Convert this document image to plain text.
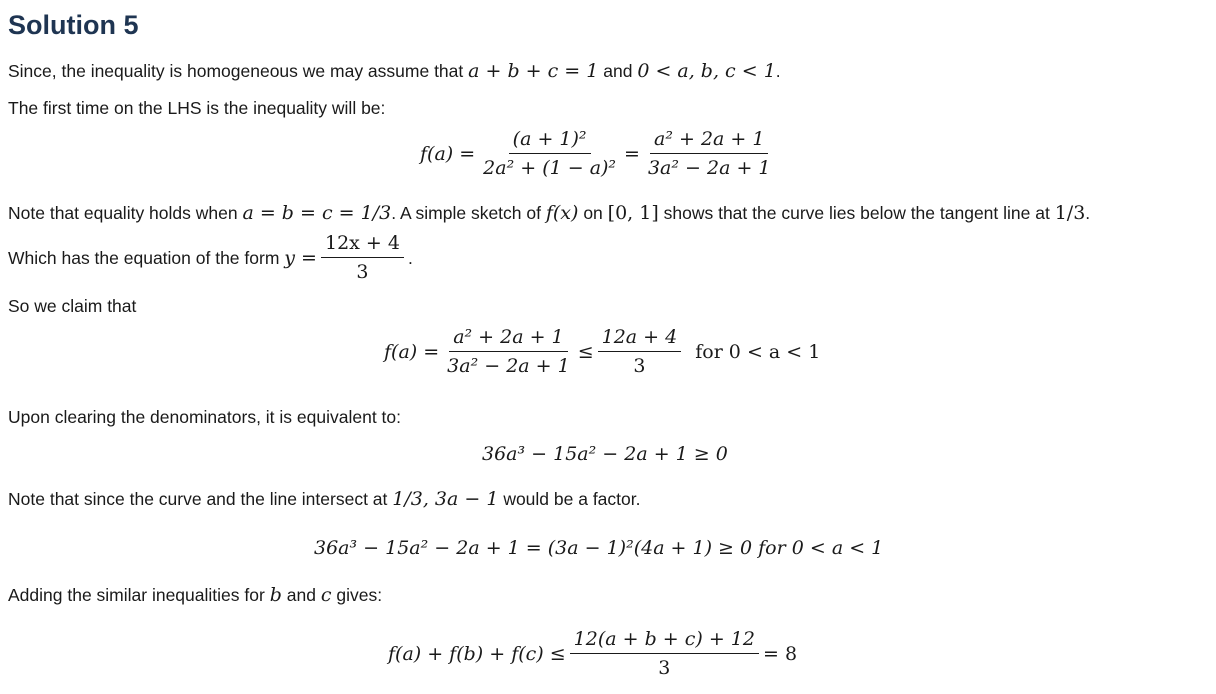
Solution 5
Since, the inequality is homogeneous we may assume that a + b + c = 1 and 0 < a, b, c < 1.
The first time on the LHS is the inequality will be:
$f(a) = \frac{\text{(a + 1)²}}{\text{2a² + (1 − a)²}} = \frac{\text{a² + 2a + 1}}{\text{3a² − 2a + 1}}$
Note that equality holds when a = b = c = 1/3. A simple sketch of f(x) on [0, 1] shows that the curve lies below the tangent line at 1/3.
Which has the equation of the form
$y = \frac{12x + 4}{3}$ .
So we claim that
$f(a) = \frac{\text{a² + 2a + 1}}{\text{3a² − 2a + 1}} \le \frac{12a + 4}{3}$ for 0 < a < 1
Upon clearing the denominators, it is equivalent to:
36a³ − 15a² − 2a + 1 ≥ 0
Note that since the curve and the line intersect at 1/3, 3a − 1 would be a factor.
36a³ − 15a² − 2a + 1 = (3a − 1)²(4a + 1) ≥ 0 for 0 < a < 1
Adding the similar inequalities for b and c gives:
$f(a) + f(b) + f(c) \le \frac{12(a + b + c) + 12}{3} = 8$
